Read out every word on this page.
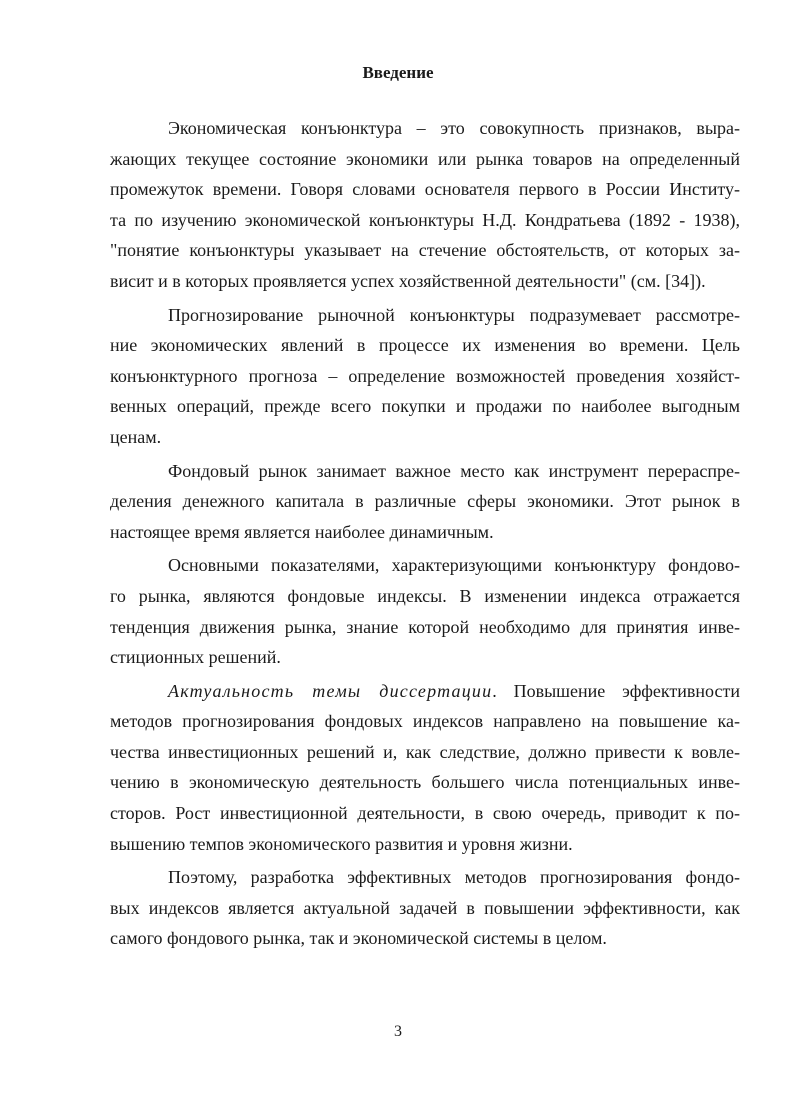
Введение
Экономическая конъюнктура – это совокупность признаков, выра-
жающих текущее состояние экономики или рынка товаров на определенный
промежуток времени. Говоря словами основателя первого в России Институ-
та по изучению экономической конъюнктуры Н.Д. Кондратьева (1892 - 1938),
"понятие конъюнктуры указывает на стечение обстоятельств, от которых за-
висит и в которых проявляется успех хозяйственной деятельности" (см. [34]).
Прогнозирование рыночной конъюнктуры подразумевает рассмотре-
ние экономических явлений в процессе их изменения во времени. Цель
конъюнктурного прогноза – определение возможностей проведения хозяйст-
венных операций, прежде всего покупки и продажи по наиболее выгодным
ценам.
Фондовый рынок занимает важное место как инструмент перераспре-
деления денежного капитала в различные сферы экономики. Этот рынок в
настоящее время является наиболее динамичным.
Основными показателями, характеризующими конъюнктуру фондово-
го рынка, являются фондовые индексы. В изменении индекса отражается
тенденция движения рынка, знание которой необходимо для принятия инве-
стиционных решений.
Актуальность темы диссертации. Повышение эффективности
методов прогнозирования фондовых индексов направлено на повышение ка-
чества инвестиционных решений и, как следствие, должно привести к вовле-
чению в экономическую деятельность большего числа потенциальных инве-
сторов. Рост инвестиционной деятельности, в свою очередь, приводит к по-
вышению темпов экономического развития и уровня жизни.
Поэтому, разработка эффективных методов прогнозирования фондо-
вых индексов является актуальной задачей в повышении эффективности, как
самого фондового рынка, так и экономической системы в целом.
3
